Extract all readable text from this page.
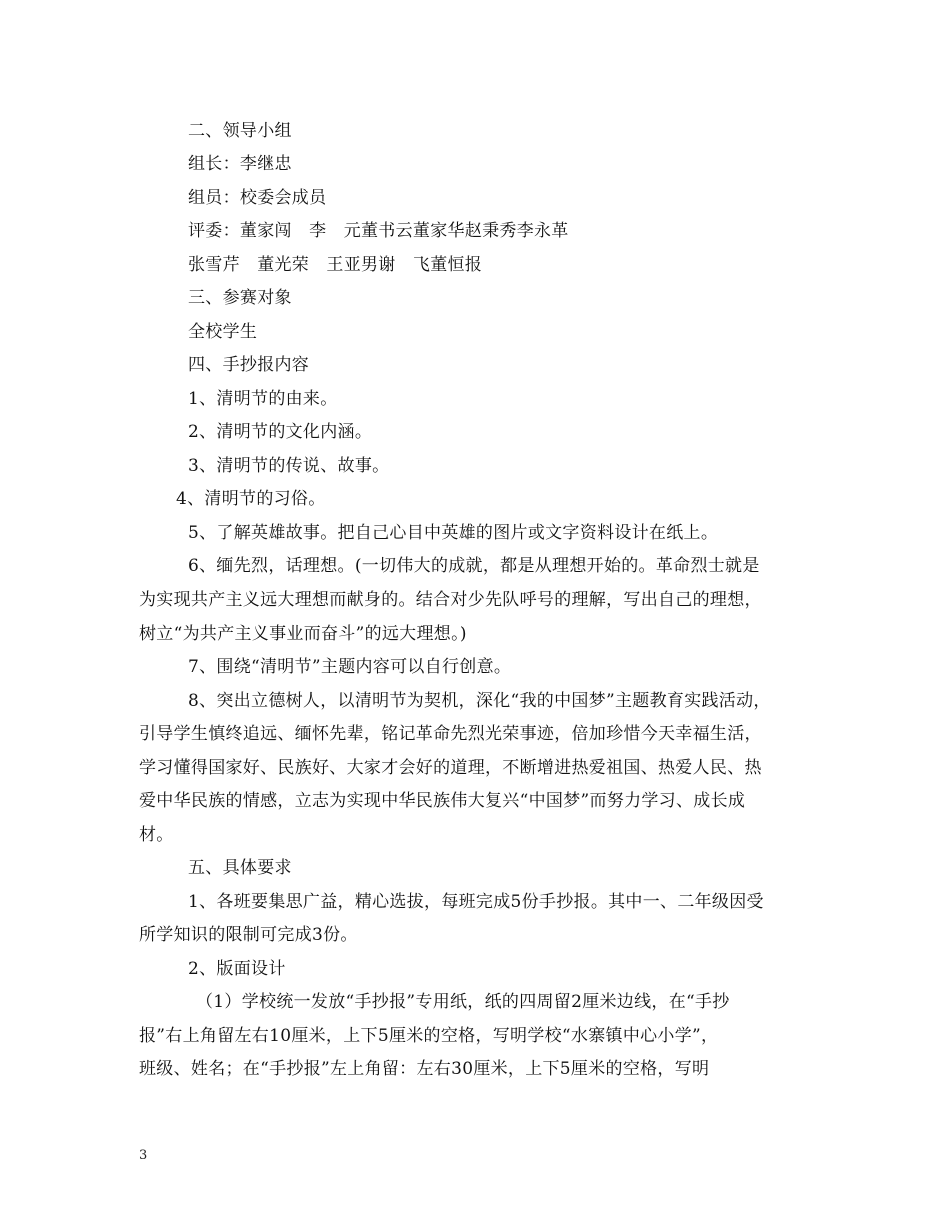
二、领导小组
组长：李继忠
组员：校委会成员
评委：董家闯　李　元董书云董家华赵秉秀李永革
张雪芹　董光荣　王亚男谢　飞董恒报
三、参赛对象
全校学生
四、手抄报内容
1、清明节的由来。
2、清明节的文化内涵。
3、清明节的传说、故事。
4、清明节的习俗。
5、了解英雄故事。把自己心目中英雄的图片或文字资料设计在纸上。
6、缅先烈，话理想。(一切伟大的成就，都是从理想开始的。革命烈士就是
为实现共产主义远大理想而献身的。结合对少先队呼号的理解，写出自己的理想，
树立“为共产主义事业而奋斗”的远大理想。)
7、围绕“清明节”主题内容可以自行创意。
8、突出立德树人，以清明节为契机，深化“我的中国梦”主题教育实践活动，
引导学生慎终追远、缅怀先辈，铭记革命先烈光荣事迹，倍加珍惜今天幸福生活，
学习懂得国家好、民族好、大家才会好的道理，不断增进热爱祖国、热爱人民、热
爱中华民族的情感，立志为实现中华民族伟大复兴“中国梦”而努力学习、成长成
材。
五、具体要求
1、各班要集思广益，精心选拔，每班完成5份手抄报。其中一、二年级因受
所学知识的限制可完成3份。
2、版面设计
（1）学校统一发放“手抄报”专用纸，纸的四周留2厘米边线，在“手抄
报”右上角留左右10厘米，上下5厘米的空格，写明学校“水寨镇中心小学”，
班级、姓名；在“手抄报”左上角留：左右30厘米，上下5厘米的空格，写明
3
